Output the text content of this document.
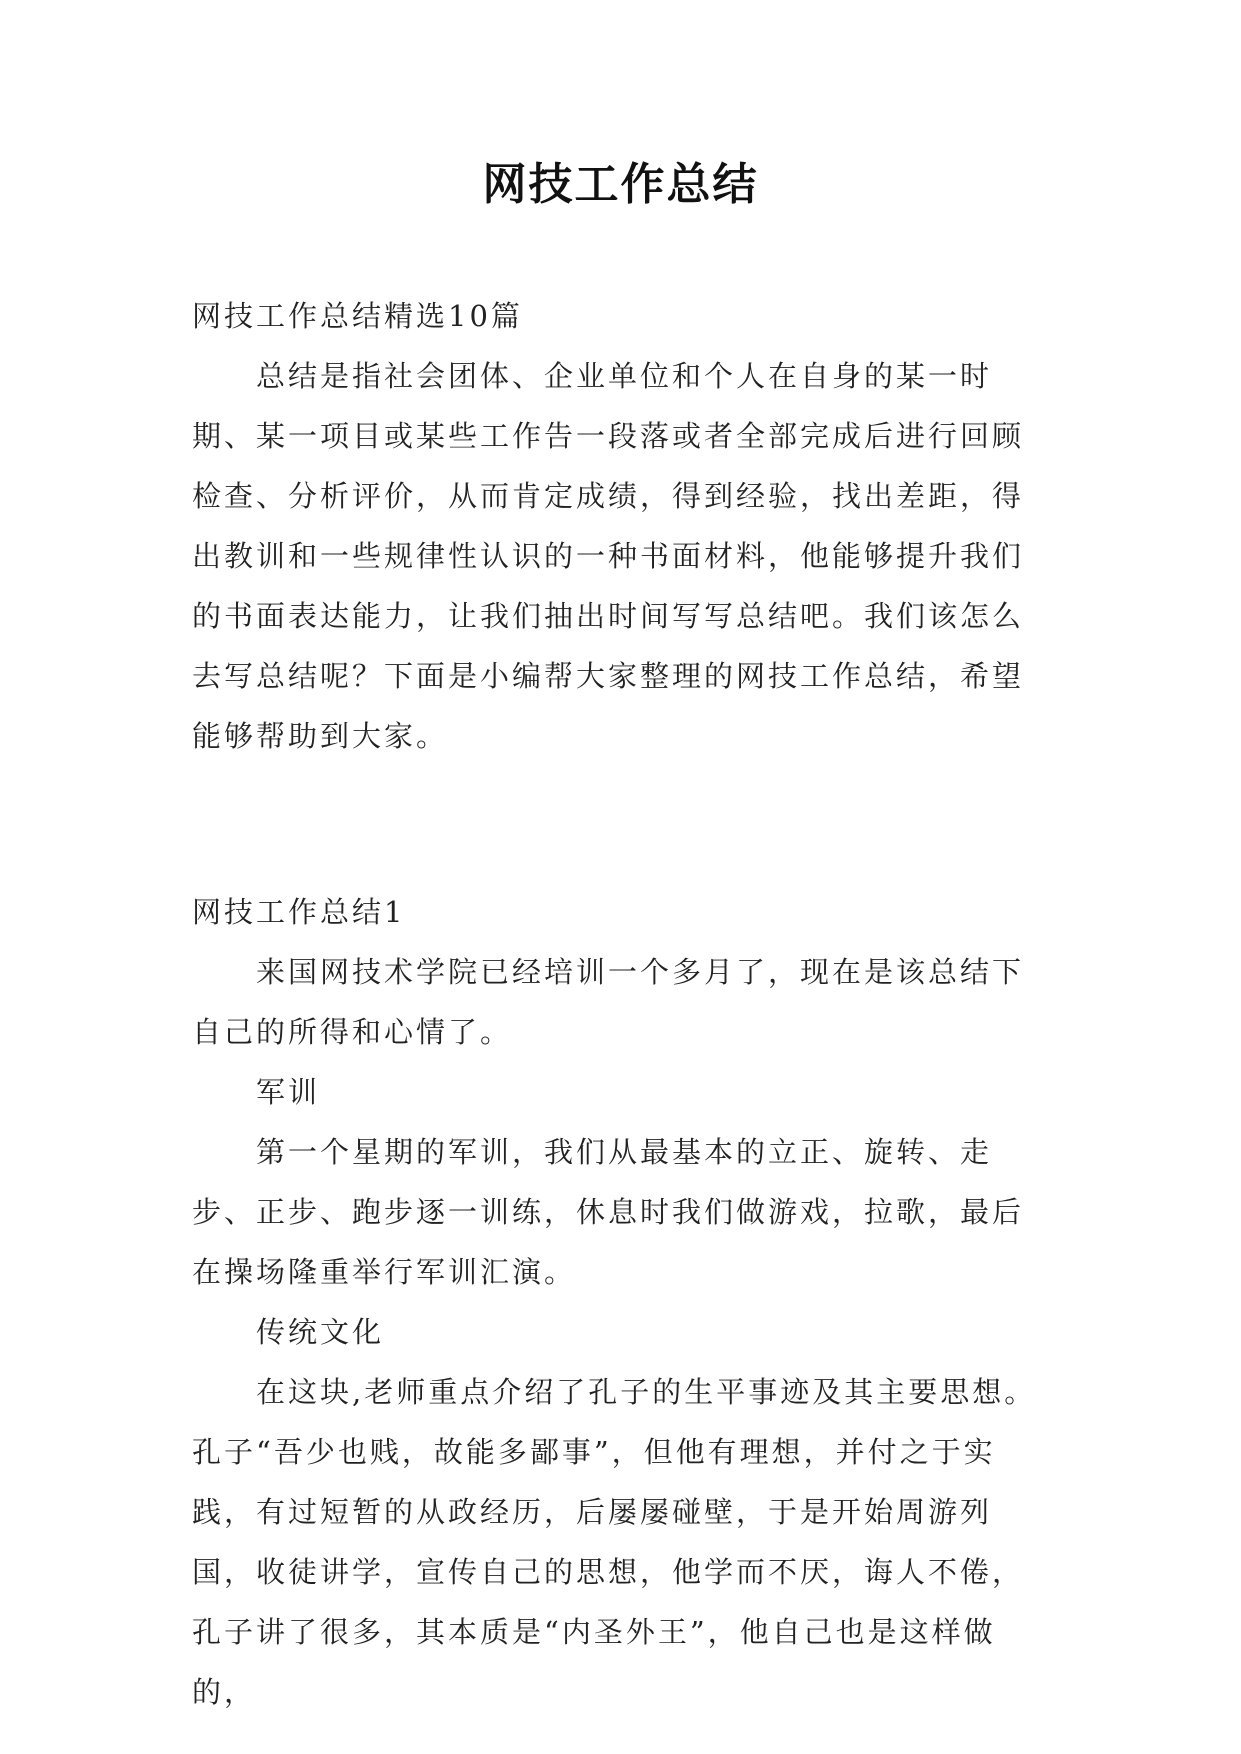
网技工作总结

网技工作总结精选10篇

总结是指社会团体、企业单位和个人在自身的某一时期、某一项目或某些工作告一段落或者全部完成后进行回顾检查、分析评价，从而肯定成绩，得到经验，找出差距，得出教训和一些规律性认识的一种书面材料，他能够提升我们的书面表达能力，让我们抽出时间写写总结吧。我们该怎么去写总结呢？下面是小编帮大家整理的网技工作总结，希望能够帮助到大家。

网技工作总结1

来国网技术学院已经培训一个多月了，现在是该总结下自己的所得和心情了。

军训

第一个星期的军训，我们从最基本的立正、旋转、走步、正步、跑步逐一训练，休息时我们做游戏，拉歌，最后在操场隆重举行军训汇演。

传统文化

在这块,老师重点介绍了孔子的生平事迹及其主要思想。孔子“吾少也贱，故能多鄙事”，但他有理想，并付之于实践，有过短暂的从政经历，后屡屡碰壁，于是开始周游列国，收徒讲学，宣传自己的思想，他学而不厌，诲人不倦，孔子讲了很多，其本质是“内圣外王”，他自己也是这样做的，
